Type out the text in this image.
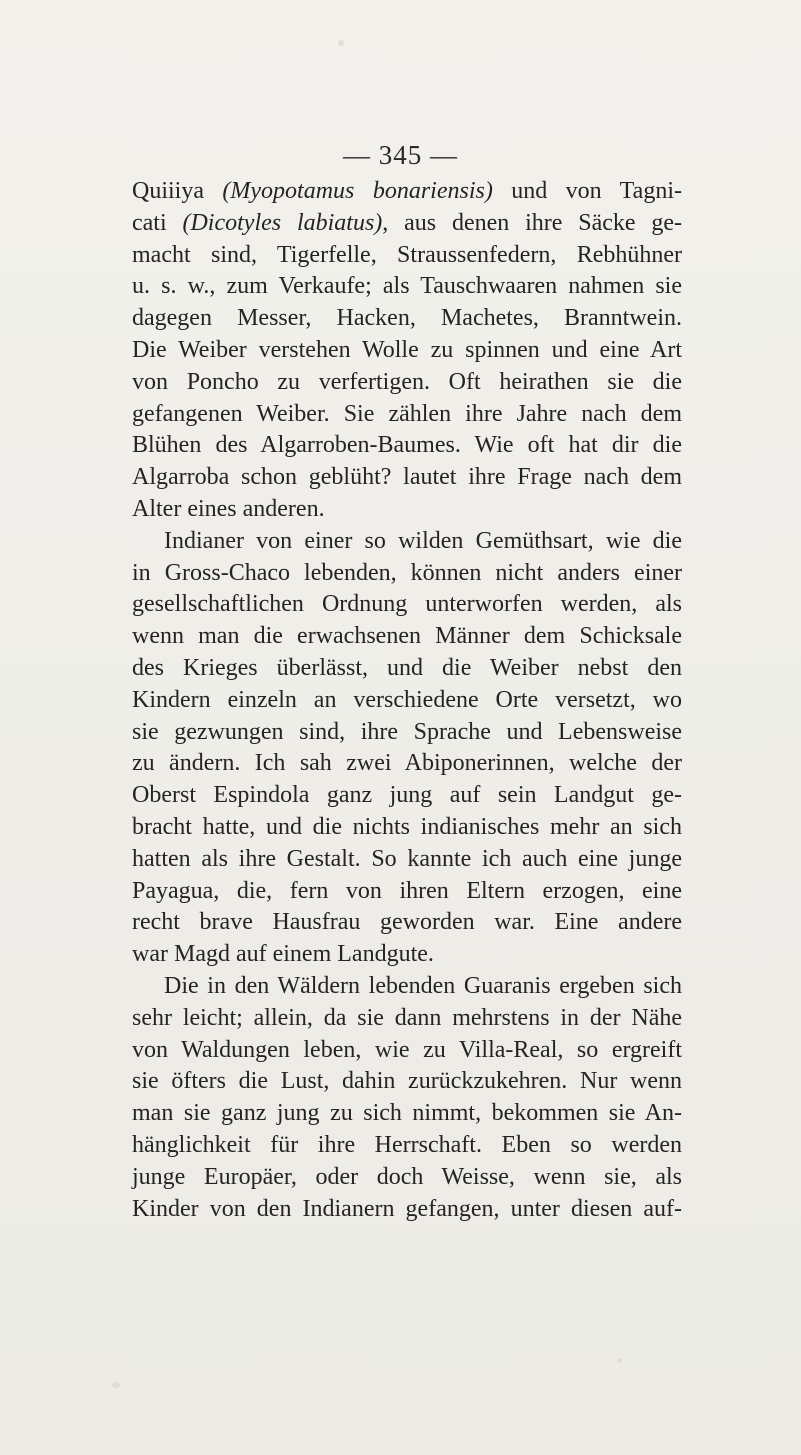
— 345 —
Quiiiya (Myopotamus bonariensis) und von Tagni-
cati (Dicotyles labiatus), aus denen ihre Säcke ge-
macht sind, Tigerfelle, Straussenfedern, Rebhühner
u. s. w., zum Verkaufe; als Tauschwaaren nahmen sie
dagegen Messer, Hacken, Machetes, Branntwein.
Die Weiber verstehen Wolle zu spinnen und eine Art
von Poncho zu verfertigen. Oft heirathen sie die
gefangenen Weiber. Sie zählen ihre Jahre nach dem
Blühen des Algarroben-Baumes. Wie oft hat dir die
Algarroba schon geblüht? lautet ihre Frage nach dem
Alter eines anderen.
Indianer von einer so wilden Gemüthsart, wie die
in Gross-Chaco lebenden, können nicht anders einer
gesellschaftlichen Ordnung unterworfen werden, als
wenn man die erwachsenen Männer dem Schicksale
des Krieges überlässt, und die Weiber nebst den
Kindern einzeln an verschiedene Orte versetzt, wo
sie gezwungen sind, ihre Sprache und Lebensweise
zu ändern. Ich sah zwei Abiponerinnen, welche der
Oberst Espindola ganz jung auf sein Landgut ge-
bracht hatte, und die nichts indianisches mehr an sich
hatten als ihre Gestalt. So kannte ich auch eine junge
Payagua, die, fern von ihren Eltern erzogen, eine
recht brave Hausfrau geworden war. Eine andere
war Magd auf einem Landgute.
Die in den Wäldern lebenden Guaranis ergeben sich
sehr leicht; allein, da sie dann mehrstens in der Nähe
von Waldungen leben, wie zu Villa-Real, so ergreift
sie öfters die Lust, dahin zurückzukehren. Nur wenn
man sie ganz jung zu sich nimmt, bekommen sie An-
hänglichkeit für ihre Herrschaft. Eben so werden
junge Europäer, oder doch Weisse, wenn sie, als
Kinder von den Indianern gefangen, unter diesen auf-
